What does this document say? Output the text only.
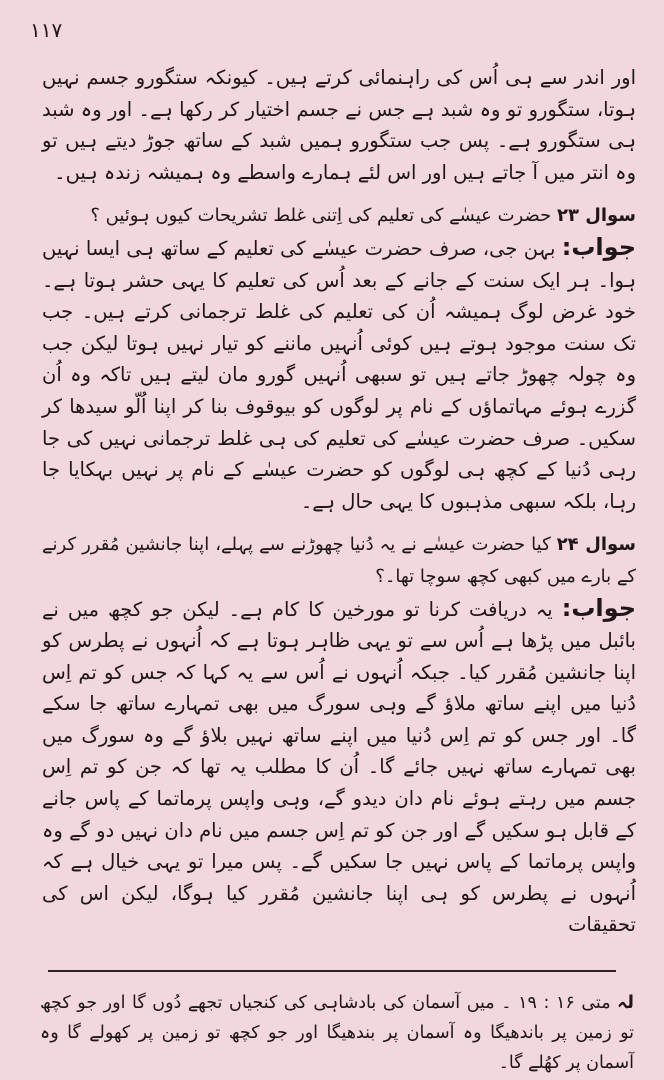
۱۱۷

اور اندر سے ہی اُس کی راہنمائی کرتے ہیں۔ کیونکہ ستگورو جسم نہیں ہوتا، ستگورو تو وہ شبد ہے جس نے جسم اختیار کر رکھا ہے۔ اور وہ شبد ہی ستگورو ہے۔ پس جب ستگورو ہمیں شبد کے ساتھ جوڑ دیتے ہیں تو وہ انتر میں آ جاتے ہیں اور اس لئے ہمارے واسطے وہ ہمیشہ زندہ ہیں۔

سوال ۲۳ حضرت عیسٰے کی تعلیم کی اِتنی غلط تشریحات کیوں ہوئیں ؟

جواب: بہن جی، صرف حضرت عیسٰے کی تعلیم کے ساتھ ہی ایسا نہیں ہوا۔ ہر ایک سنت کے جانے کے بعد اُس کی تعلیم کا یہی حشر ہوتا ہے۔ خود غرض لوگ ہمیشہ اُن کی تعلیم کی غلط ترجمانی کرتے ہیں۔ جب تک سنت موجود ہوتے ہیں کوئی اُنہیں ماننے کو تیار نہیں ہوتا لیکن جب وہ چولہ چھوڑ جاتے ہیں تو سبھی اُنہیں گورو مان لیتے ہیں تاکہ وہ اُن گزرے ہوئے مہاتماؤں کے نام پر لوگوں کو بیوقوف بنا کر اپنا اُلّو سیدھا کر سکیں۔ صرف حضرت عیسٰے کی تعلیم کی ہی غلط ترجمانی نہیں کی جا رہی دُنیا کے کچھ ہی لوگوں کو حضرت عیسٰے کے نام پر نہیں بہکایا جا رہا، بلکہ سبھی مذہبوں کا یہی حال ہے۔

سوال ۲۴ کیا حضرت عیسٰے نے یہ دُنیا چھوڑنے سے پہلے، اپنا جانشین مُقرر کرنے کے بارے میں کبھی کچھ سوچا تھا۔؟

جواب: یہ دریافت کرنا تو مورخین کا کام ہے۔ لیکن جو کچھ میں نے بائبل میں پڑھا ہے اُس سے تو یہی ظاہر ہوتا ہے کہ اُنہوں نے پطرس کو اپنا جانشین مُقرر کیا۔ جبکہ اُنہوں نے اُس سے یہ کہا کہ جس کو تم اِس دُنیا میں اپنے ساتھ ملاؤ گے وہی سورگ میں بھی تمہارے ساتھ جا سکے گا۔ اور جس کو تم اِس دُنیا میں اپنے ساتھ نہیں بلاؤ گے وہ سورگ میں بھی تمہارے ساتھ نہیں جائے گا۔ اُن کا مطلب یہ تھا کہ جن کو تم اِس جسم میں رہتے ہوئے نام دان دیدو گے، وہی واپس پرماتما کے پاس جانے کے قابل ہو سکیں گے اور جن کو تم اِس جسم میں نام دان نہیں دو گے وہ واپس پرماتما کے پاس نہیں جا سکیں گے۔ پس میرا تو یہی خیال ہے کہ اُنہوں نے پطرس کو ہی اپنا جانشین مُقرر کیا ہوگا، لیکن اس کی تحقیقات

لہ متی ۱۶ : ۱۹ ۔ میں آسمان کی بادشاہی کی کنجیاں تجھے دُوں گا اور جو کچھ تو زمین پر باندھیگا وہ آسمان پر بندھیگا اور جو کچھ تو زمین پر کھولے گا وہ آسمان پر کھُلے گا۔
